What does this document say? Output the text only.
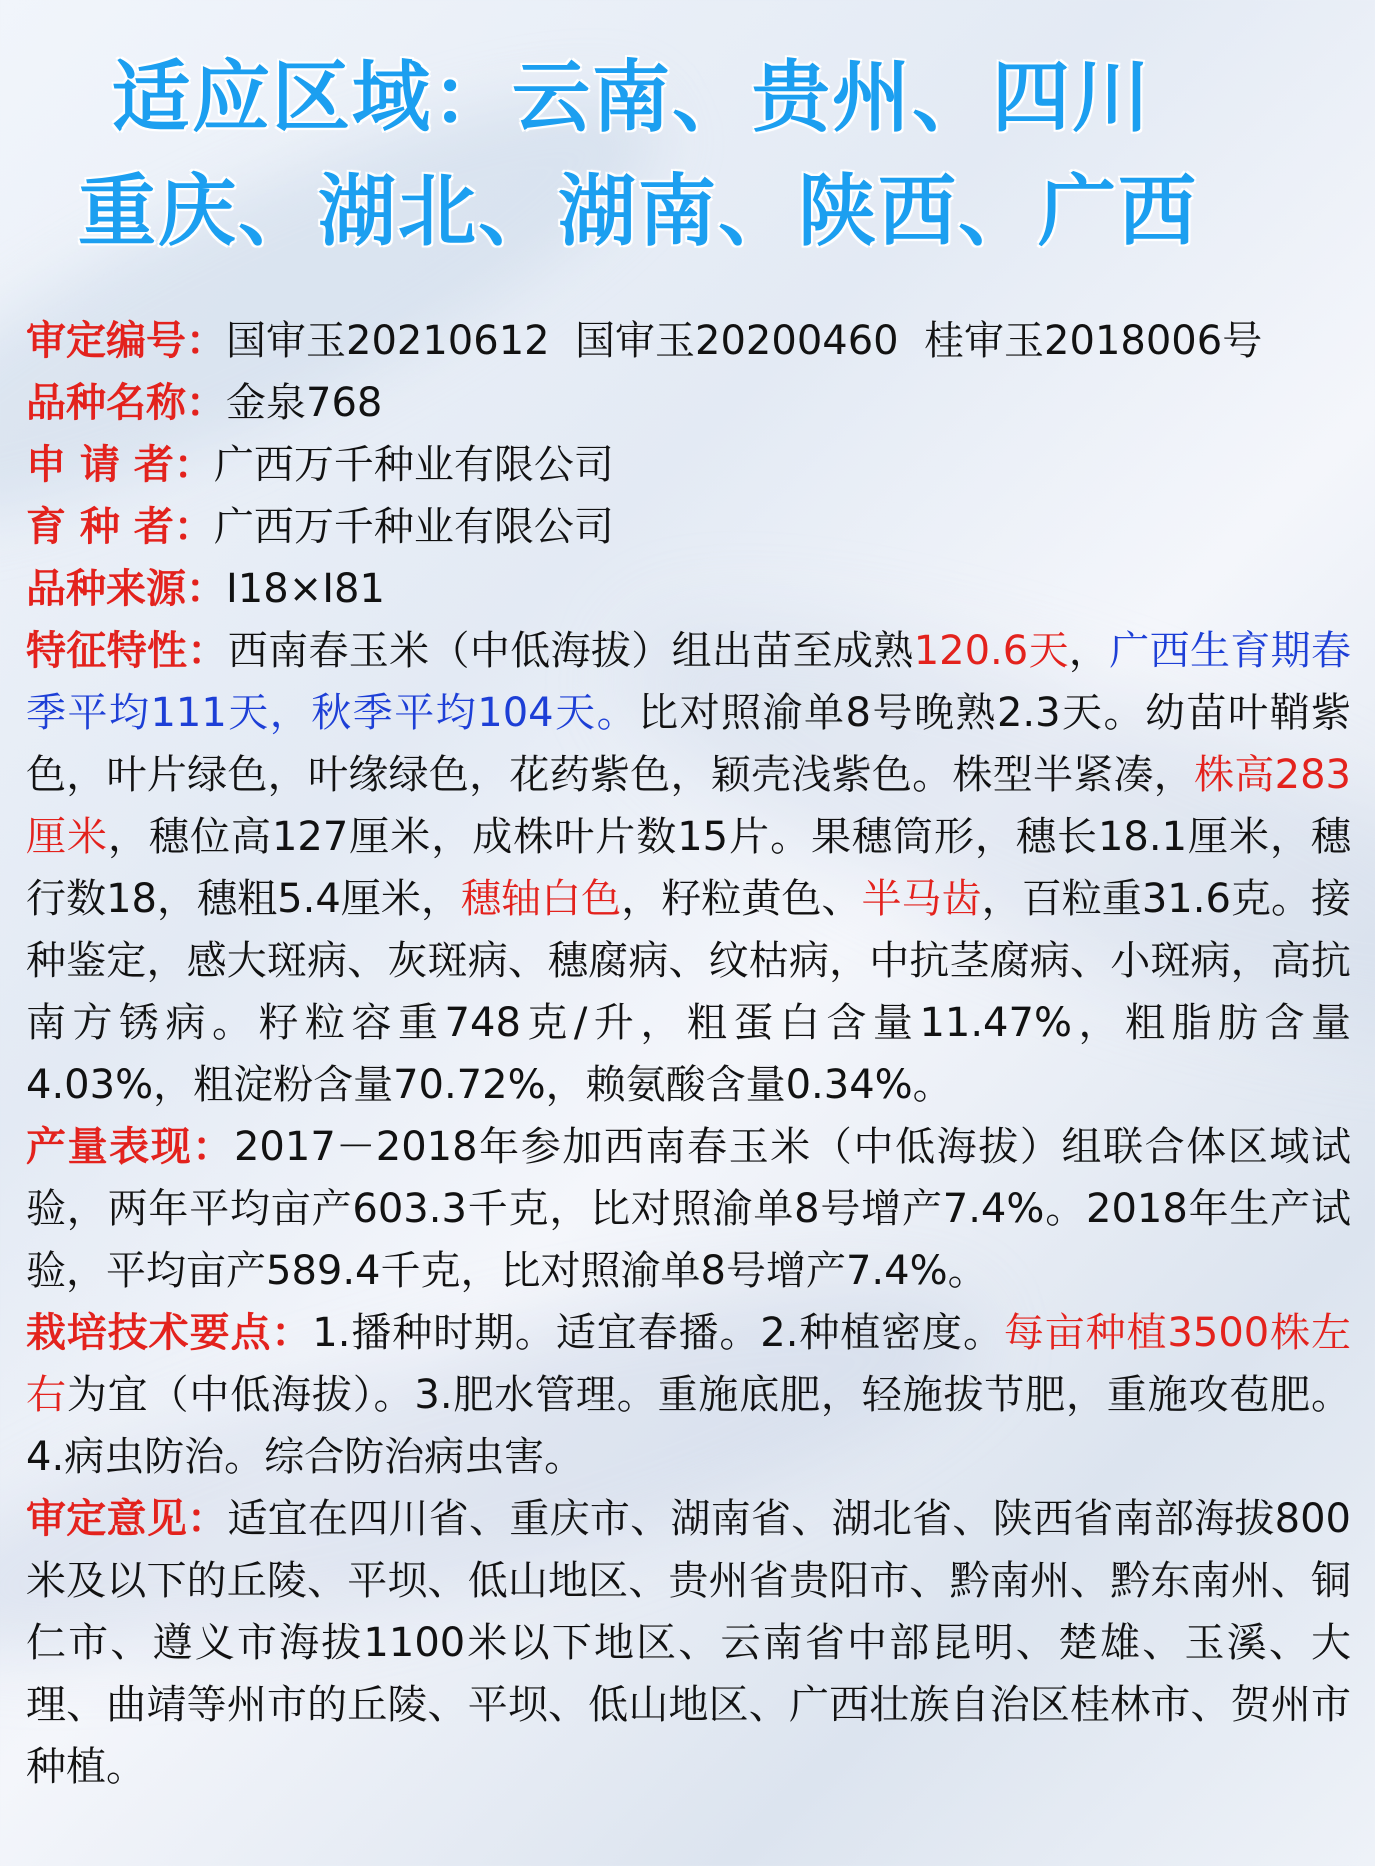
适应区域：云南、贵州、四川
重庆、湖北、湖南、陕西、广西
审定编号：国审玉20210612  国审玉20200460  桂审玉2018006号
品种名称：金泉768
申 请 者：广西万千种业有限公司
育 种 者：广西万千种业有限公司
品种来源：I18×I81
特征特性：西南春玉米（中低海拔）组出苗至成熟120.6天，广西生育期春季平均111天，秋季平均104天。比对照渝单8号晚熟2.3天。幼苗叶鞘紫色，叶片绿色，叶缘绿色，花药紫色，颖壳浅紫色。株型半紧凑，株高283厘米，穗位高127厘米，成株叶片数15片。果穗筒形，穗长18.1厘米，穗行数18，穗粗5.4厘米，穗轴白色，籽粒黄色、半马齿，百粒重31.6克。接种鉴定，感大斑病、灰斑病、穗腐病、纹枯病，中抗茎腐病、小斑病，高抗南方锈病。籽粒容重748克/升，粗蛋白含量11.47%，粗脂肪含量4.03%，粗淀粉含量70.72%，赖氨酸含量0.34%。
产量表现：2017－2018年参加西南春玉米（中低海拔）组联合体区域试验，两年平均亩产603.3千克，比对照渝单8号增产7.4%。2018年生产试验，平均亩产589.4千克，比对照渝单8号增产7.4%。
栽培技术要点：1.播种时期。适宜春播。2.种植密度。每亩种植3500株左右为宜（中低海拔）。3.肥水管理。重施底肥，轻施拔节肥，重施攻苞肥。4.病虫防治。综合防治病虫害。
审定意见：适宜在四川省、重庆市、湖南省、湖北省、陕西省南部海拔800米及以下的丘陵、平坝、低山地区、贵州省贵阳市、黔南州、黔东南州、铜仁市、遵义市海拔1100米以下地区、云南省中部昆明、楚雄、玉溪、大理、曲靖等州市的丘陵、平坝、低山地区、广西壮族自治区桂林市、贺州市种植。
